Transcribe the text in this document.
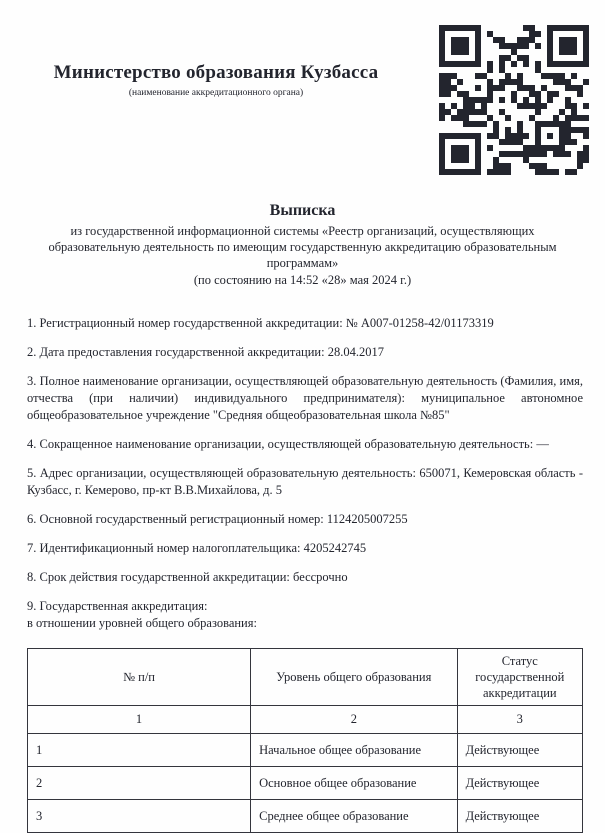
Министерство образования Кузбасса
(наименование аккредитационного органа)
Выписка
из государственной информационной системы «Реестр организаций, осуществляющих образовательную деятельность по имеющим государственную аккредитацию образовательным программам»
(по состоянию на 14:52 «28» мая 2024 г.)

1. Регистрационный номер государственной аккредитации: № А007-01258-42/01173319

2. Дата предоставления государственной аккредитации: 28.04.2017

3. Полное наименование организации, осуществляющей образовательную деятельность (Фамилия, имя, отчества (при наличии) индивидуального предпринимателя): муниципальное автономное общеобразовательное учреждение "Средняя общеобразовательная школа №85"

4. Сокращенное наименование организации, осуществляющей образовательную деятельность: —

5. Адрес организации, осуществляющей образовательную деятельность: 650071, Кемеровская область - Кузбасс, г. Кемерово, пр-кт В.В.Михайлова, д. 5

6. Основной государственный регистрационный номер: 1124205007255

7. Идентификационный номер налогоплательщика: 4205242745

8. Срок действия государственной аккредитации: бессрочно

9. Государственная аккредитация:

в отношении уровней общего образования:

№ п/п	Уровень общего образования	Статус государственной аккредитации
1	2	3
1	Начальное общее образование	Действующее
2	Основное общее образование	Действующее
3	Среднее общее образование	Действующее
